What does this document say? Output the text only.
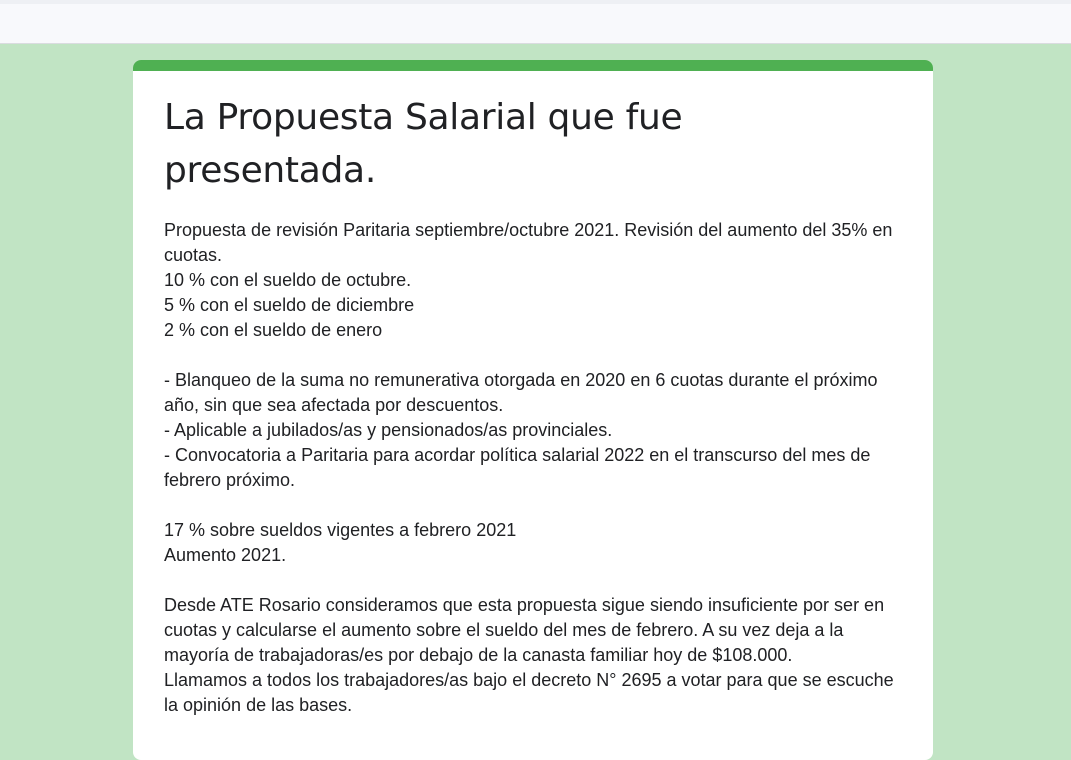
La Propuesta Salarial que fue presentada.
Propuesta de revisión Paritaria septiembre/octubre 2021. Revisión del aumento del 35% en cuotas.
10 % con el sueldo de octubre.
5 % con el sueldo de diciembre
2 % con el sueldo de enero
- Blanqueo de la suma no remunerativa otorgada en 2020 en 6 cuotas durante el próximo año, sin que sea afectada por descuentos.
- Aplicable a jubilados/as y pensionados/as provinciales.
- Convocatoria a Paritaria para acordar política salarial 2022 en el transcurso del mes de febrero próximo.
17 % sobre sueldos vigentes a febrero 2021
Aumento 2021.
Desde ATE Rosario consideramos que esta propuesta sigue siendo insuficiente por ser en cuotas y calcularse el aumento sobre el sueldo del mes de febrero. A su vez deja a la mayoría de trabajadoras/es por debajo de la canasta familiar hoy de $108.000.
Llamamos a todos los trabajadores/as bajo el decreto N° 2695 a votar para que se escuche la opinión de las bases.
